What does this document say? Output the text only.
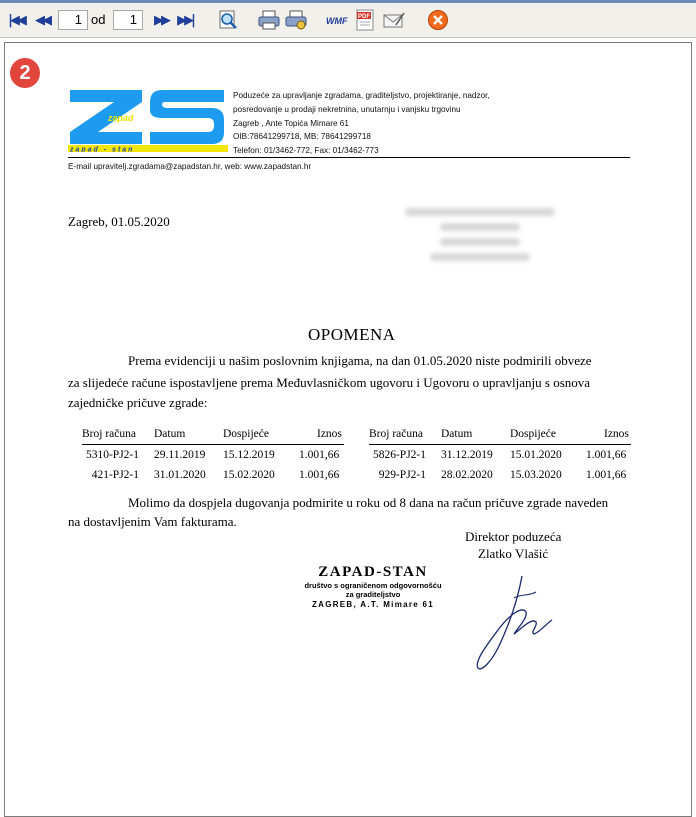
|◀◀ ◀◀	1 od	1	▶▶ ▶▶|	WMF PDF
2
zapad
zapad - stan
Poduzeće za upravljanje zgradama, graditeljstvo, projektiranje, nadzor,
posredovanje u prodaji nekretnina, unutarnju i vanjsku trgovinu
Zagreb , Ante Topića Mimare 61
OIB:78641299718, MB: 78641299718
Telefon: 01/3462-772, Fax: 01/3462-773
E-mail upravitelj.zgradama@zapadstan.hr, web: www.zapadstan.hr
Zagreb, 01.05.2020
OPOMENA
Prema evidenciji u našim poslovnim knjigama, na dan 01.05.2020 niste podmirili obveze
za slijedeće račune ispostavljene prema Međuvlasničkom ugovoru i Ugovoru o upravljanju s osnova
zajedničke pričuve zgrade:
Broj računa Datum	Dospijeće	Iznos
5310-PJ2-1 29.11.2019 15.12.2019 1.001,66
421-PJ2-1 31.01.2020 15.02.2020 1.001,66
Broj računa Datum	Dospijeće	Iznos
5826-PJ2-1 31.12.2019 15.01.2020 1.001,66
929-PJ2-1 28.02.2020 15.03.2020 1.001,66
Molimo da dospjela dugovanja podmirite u roku od 8 dana na račun pričuve zgrade naveden
na dostavljenim Vam fakturama.
Direktor poduzeća
Zlatko Vlašić
ZAPAD-STAN
društvo s ograničenom odgovornošću
za graditeljstvo
ZAGREB, A.T. Mimare 61
